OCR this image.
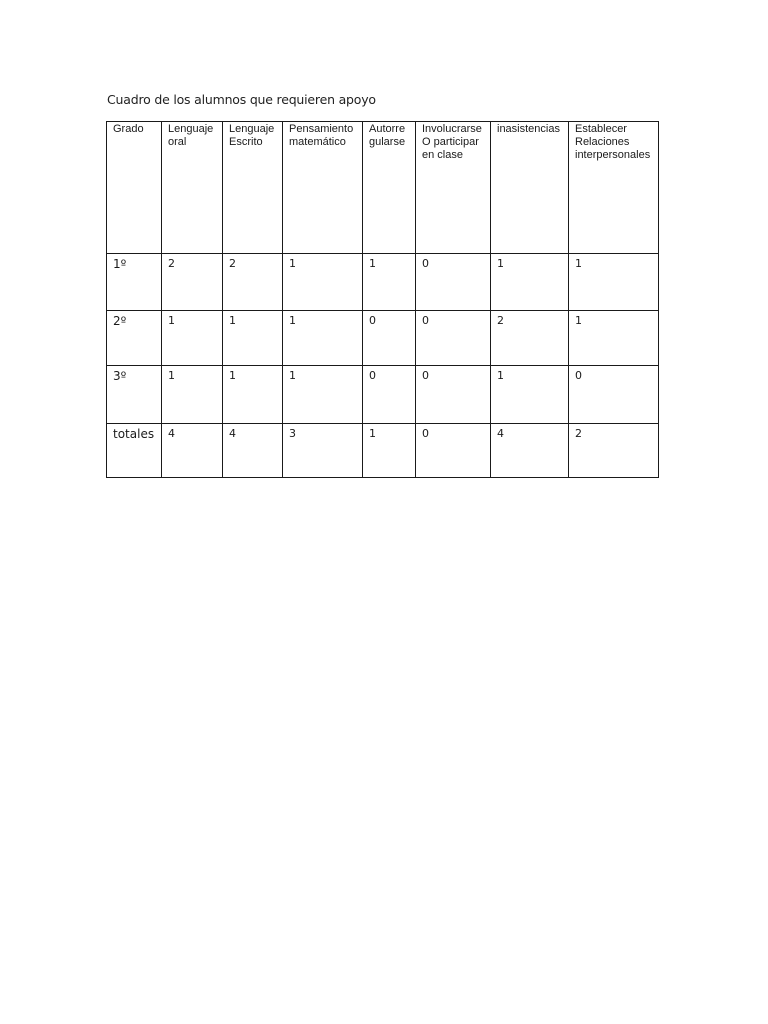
Cuadro de los alumnos que requieren apoyo
Grado	Lenguaje oral	Lenguaje Escrito	Pensamiento matemático	Autorre gularse	Involucrarse O participar en clase	inasistencias	Establecer Relaciones interpersonales
1º	2	2	1	1	0	1	1
2º	1	1	1	0	0	2	1
3º	1	1	1	0	0	1	0
totales	4	4	3	1	0	4	2
